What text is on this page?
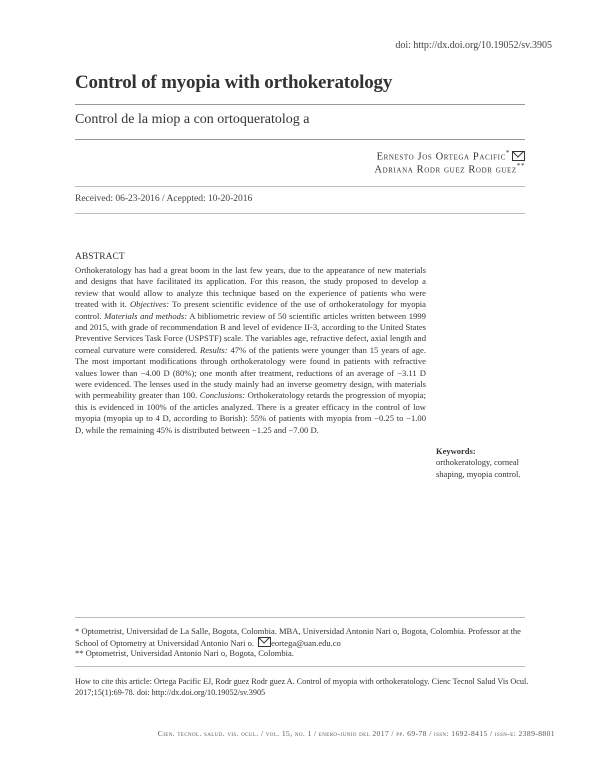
doi: http://dx.doi.org/10.19052/sv.3905
Control of myopia with orthokeratology
Control de la miop a con ortoqueratolog a
Ernesto Jos Ortega Pacific*
Adriana Rodr guez Rodr guez**
Received: 06-23-2016 / Aceppted: 10-20-2016
ABSTRACT
Orthokeratology has had a great boom in the last few years, due to the appearance of new materials and designs that have facilitated its application. For this reason, the study proposed to develop a review that would allow to analyze this technique based on the experience of patients who were treated with it. Objectives: To present scientific evidence of the use of orthokeratology for myopia control. Materials and methods: A bibliometric review of 50 scientific articles written between 1999 and 2015, with grade of recommendation B and level of evidence II-3, according to the United States Preventive Services Task Force (USPSTF) scale. The variables age, refractive defect, axial length and corneal curvature were considered. Results: 47% of the patients were younger than 15 years of age. The most important modifications through orthokeratology were found in patients with refractive values lower than −4.00 D (80%); one month after treatment, reductions of an average of −3.11 D were evidenced. The lenses used in the study mainly had an inverse geometry design, with materials with permeability greater than 100. Conclusions: Orthokeratology retards the progression of myopia; this is evidenced in 100% of the articles analyzed. There is a greater efficacy in the control of low myopia (myopia up to 4 D, according to Borish): 55% of patients with myopia from −0.25 to −1.00 D, while the remaining 45% is distributed between −1.25 and −7.00 D.
Keywords: orthokeratology, corneal shaping, myopia control.
* Optometrist, Universidad de La Salle, Bogota, Colombia. MBA, Universidad Antonio Nari o, Bogota, Colombia. Professor at the School of Optometry at Universidad Antonio Nari o. eortega@uan.edu.co
** Optometrist, Universidad Antonio Nari o, Bogota, Colombia.
How to cite this article: Ortega Pacific EJ, Rodr guez Rodr guez A. Control of myopia with orthokeratology. Cienc Tecnol Salud Vis Ocul. 2017;15(1):69-78. doi: http://dx.doi.org/10.19052/sv.3905
Cien. tecnol. salud. vis. ocul. / vol. 15, no. 1 / enero-junio del 2017 / pp. 69-78 / issn: 1692-8415 / issn-e: 2389-8801
